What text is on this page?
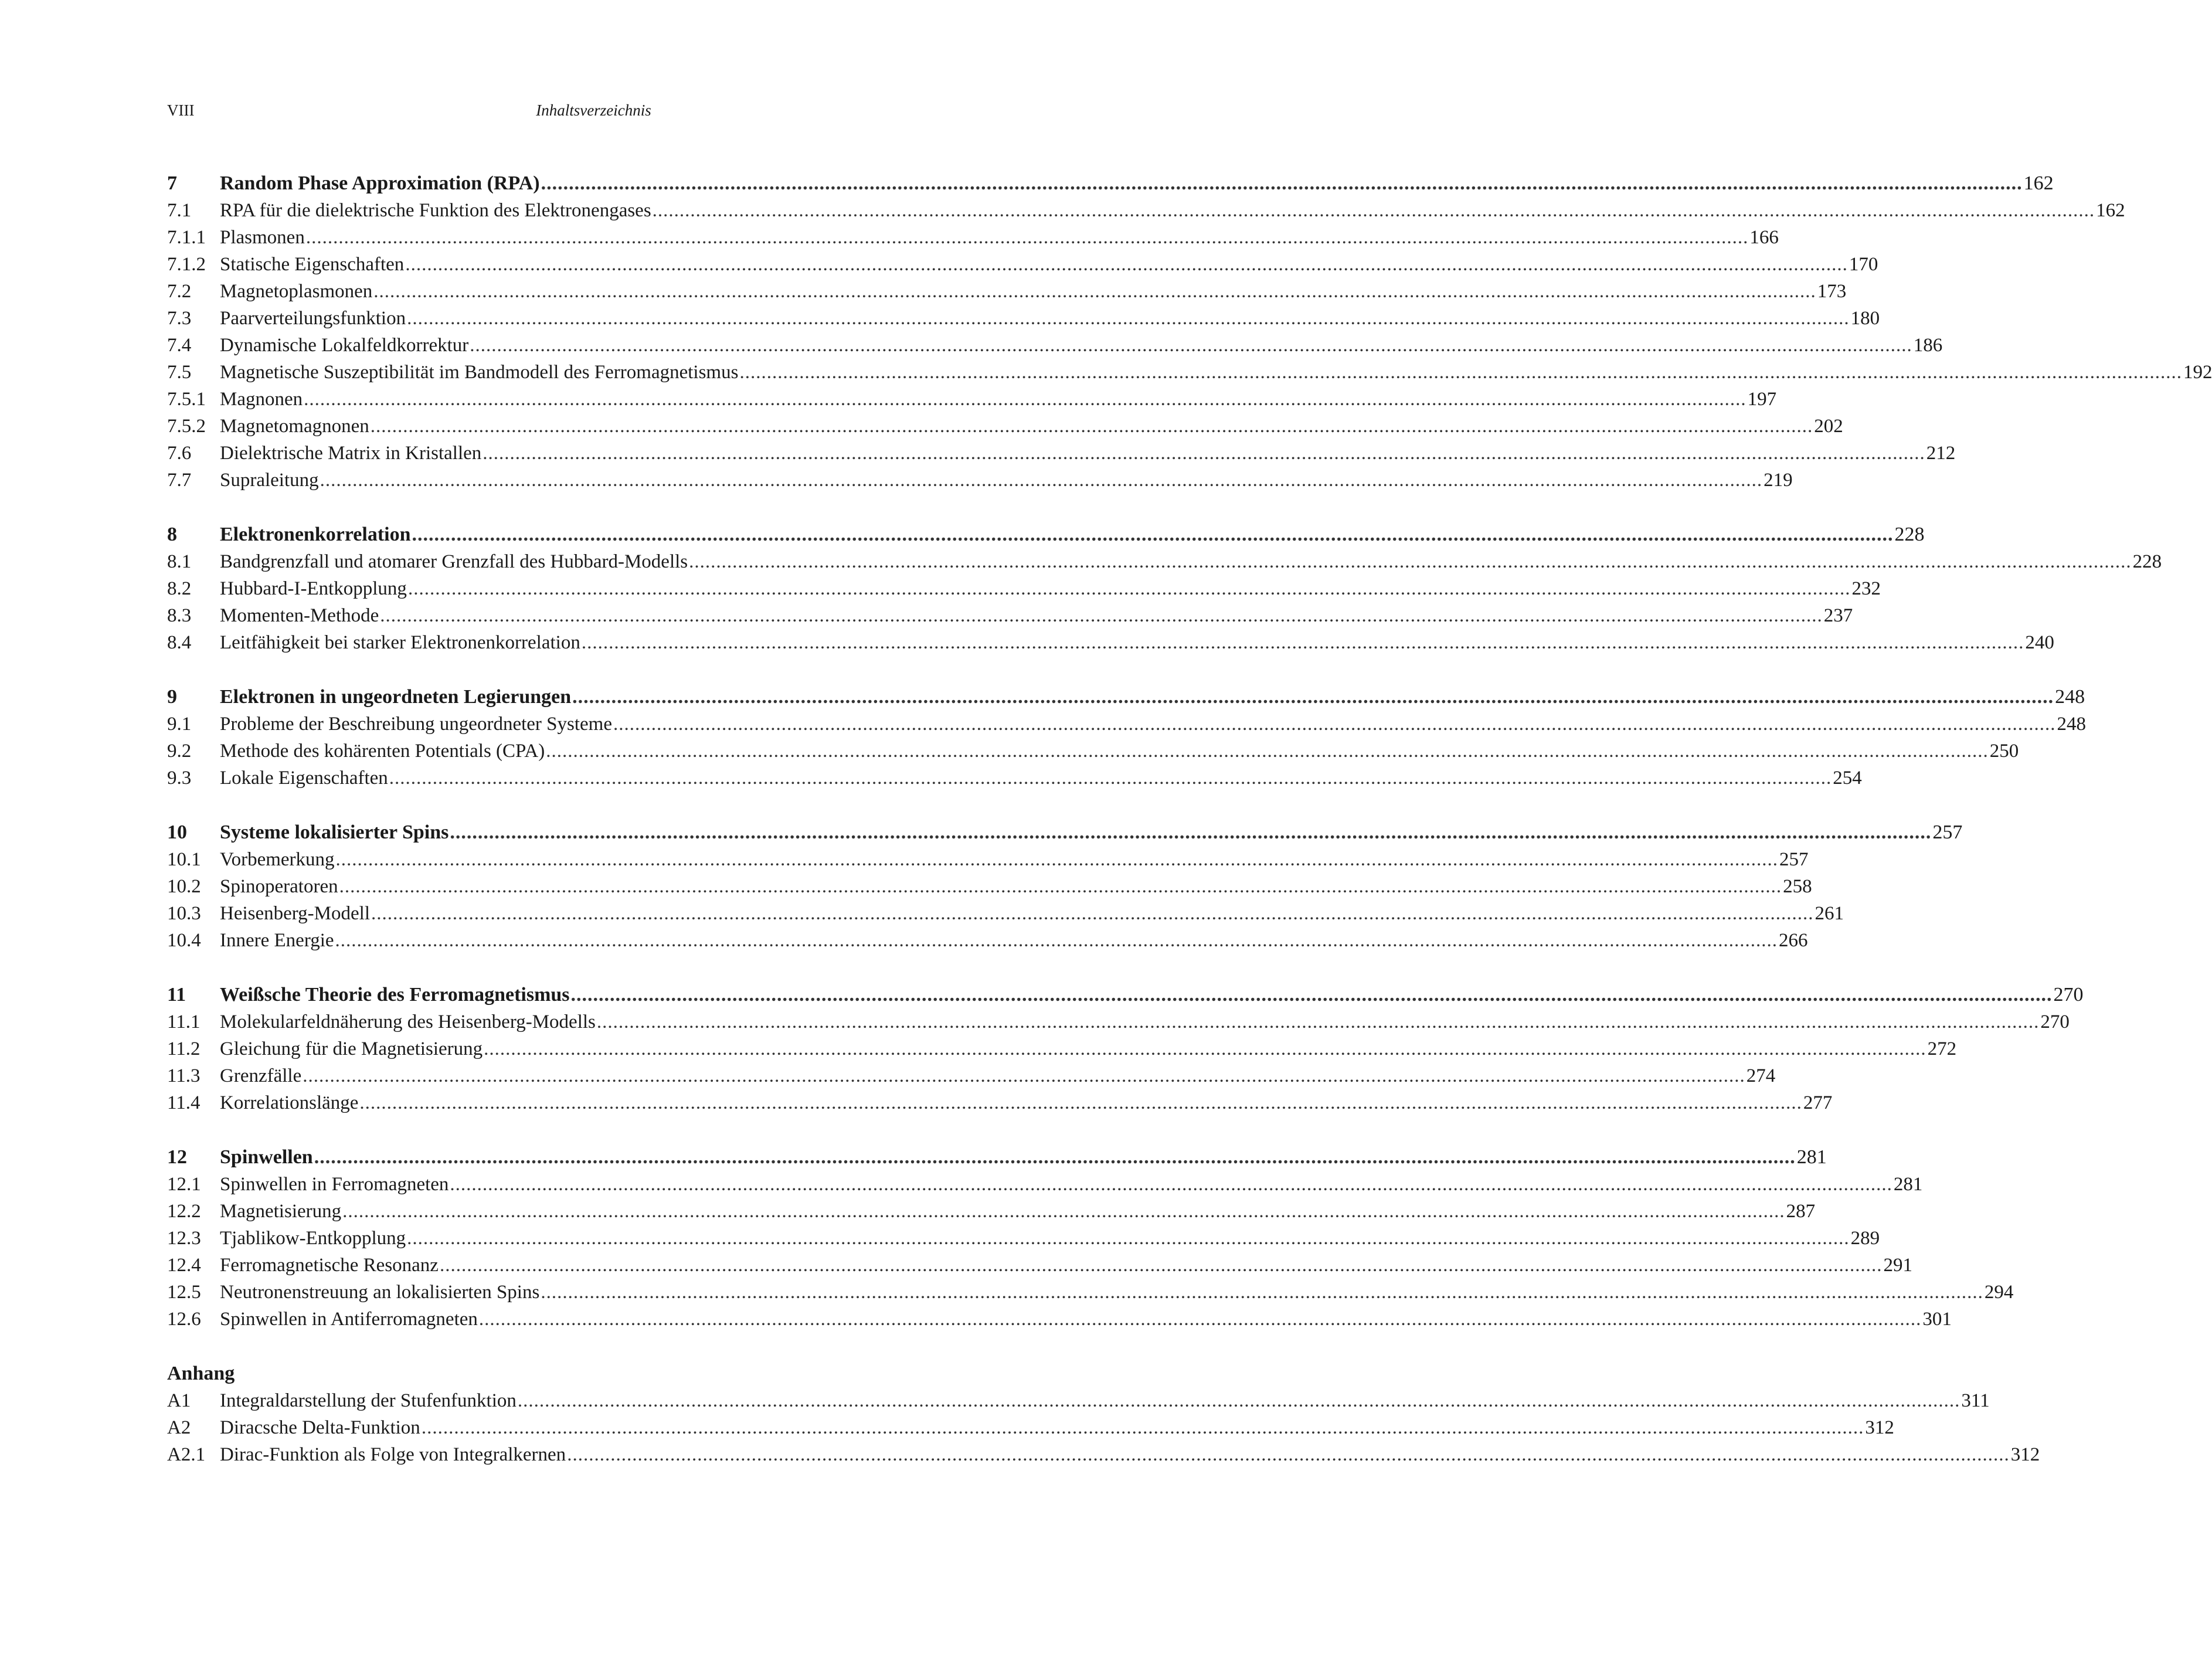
VIII	Inhaltsverzeichnis
7	Random Phase Approximation (RPA) .....	162
7.1	RPA für die dielektrische Funktion des Elektronengases .....	162
7.1.1 Plasmonen .....	166
7.1.2 Statische Eigenschaften .....	170
7.2	Magnetoplasmonen .....	173
7.3	Paarverteilungsfunktion .....	180
7.4	Dynamische Lokalfeldkorrektur .....	186
7.5	Magnetische Suszeptibilität im Bandmodell des Ferromagnetismus .....	192
7.5.1 Magnonen .....	197
7.5.2 Magnetomagnonen .....	202
7.6	Dielektrische Matrix in Kristallen .....	212
7.7	Supraleitung .....	219
8	Elektronenkorrelation .....	228
8.1	Bandgrenzfall und atomarer Grenzfall des Hubbard-Modells .....	228
8.2	Hubbard-I-Entkopplung .....	232
8.3	Momenten-Methode .....	237
8.4	Leitfähigkeit bei starker Elektronenkorrelation .....	240
9	Elektronen in ungeordneten Legierungen .....	248
9.1	Probleme der Beschreibung ungeordneter Systeme .....	248
9.2	Methode des kohärenten Potentials (CPA) .....	250
9.3	Lokale Eigenschaften .....	254
10	Systeme lokalisierter Spins .....	257
10.1 Vorbemerkung .....	257
10.2 Spinoperatoren .....	258
10.3 Heisenberg-Modell .....	261
10.4 Innere Energie .....	266
11	Weißsche Theorie des Ferromagnetismus .....	270
11.1	Molekularfeldnäherung des Heisenberg-Modells .....	270
11.2	Gleichung für die Magnetisierung .....	272
11.3	Grenzfälle .....	274
11.4	Korrelationslänge .....	277
12	Spinwellen .....	281
12.1 Spinwellen in Ferromagneten .....	281
12.2 Magnetisierung .....	287
12.3 Tjablikow-Entkopplung .....	289
12.4 Ferromagnetische Resonanz .....	291
12.5 Neutronenstreuung an lokalisierten Spins .....	294
12.6 Spinwellen in Antiferromagneten .....	301
Anhang
A1	Integraldarstellung der Stufenfunktion .....	311
A2	Diracsche Delta-Funktion .....	312
A2.1 Dirac-Funktion als Folge von Integralkernen .....	312
